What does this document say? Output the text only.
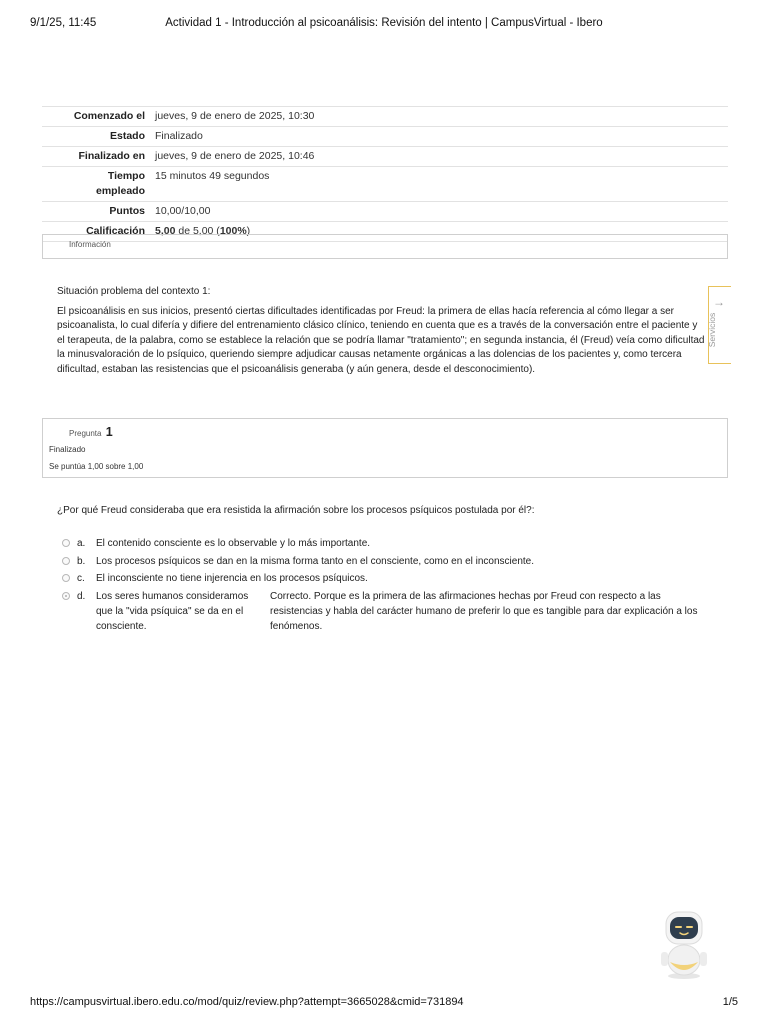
9/1/25, 11:45	Actividad 1 - Introducción al psicoanálisis: Revisión del intento | CampusVirtual - Ibero
Comenzado el	jueves, 9 de enero de 2025, 10:30
Estado	Finalizado
Finalizado en	jueves, 9 de enero de 2025, 10:46
Tiempo empleado	15 minutos 49 segundos
Puntos	10,00/10,00
Calificación	5,00 de 5,00 (100%)
Información

Situación problema del contexto 1:

El psicoanálisis en sus inicios, presentó ciertas dificultades identificadas por Freud: la primera de ellas hacía referencia al cómo llegar a ser psicoanalista, lo cual difería y difiere del entrenamiento clásico clínico, teniendo en cuenta que es a través de la conversación entre el paciente y el terapeuta, de la palabra, como se establece la relación que se podría llamar "tratamiento"; en segunda instancia, él (Freud) veía como dificultad la minusvaloración de lo psíquico, queriendo siempre adjudicar causas netamente orgánicas a las dolencias de los pacientes y, como tercera dificultad, estaban las resistencias que el psicoanálisis generaba (y aún genera, desde el desconocimiento).

→
Servicios
Pregunta 1
Finalizado
Se puntúa 1,00 sobre 1,00
¿Por qué Freud consideraba que era resistida la afirmación sobre los procesos psíquicos postulada por él?:
a. El contenido consciente es lo observable y lo más importante.
b. Los procesos psíquicos se dan en la misma forma tanto en el consciente, como en el inconsciente.
c. El inconsciente no tiene injerencia en los procesos psíquicos.
d. Los seres humanos consideramos que la "vida psíquica" se da en el consciente.
Correcto. Porque es la primera de las afirmaciones hechas por Freud con respecto a las resistencias y habla del carácter humano de preferir lo que es tangible para dar explicación a los fenómenos.
https://campusvirtual.ibero.edu.co/mod/quiz/review.php?attempt=3665028&cmid=731894	1/5
